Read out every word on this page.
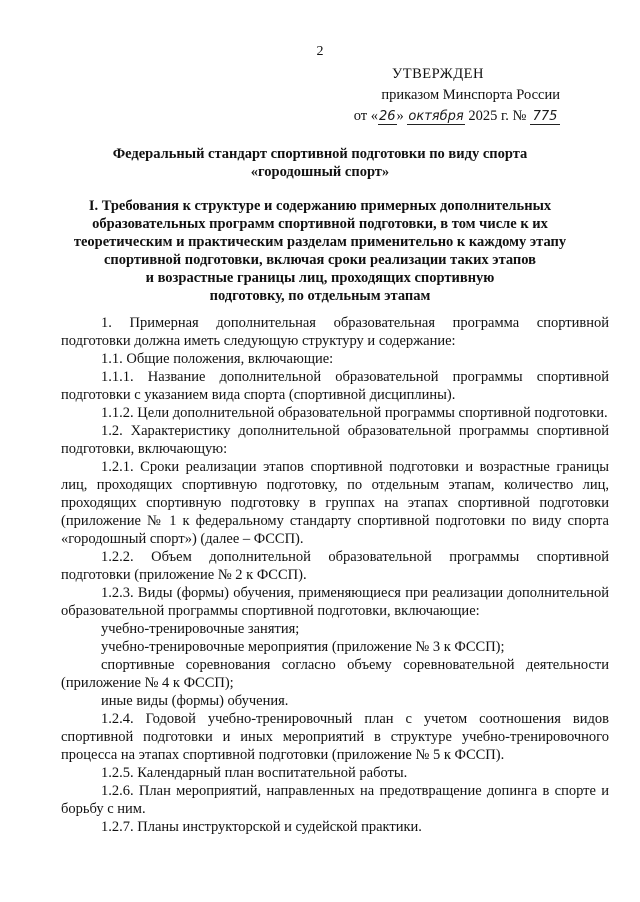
2
УТВЕРЖДЕН
приказом Минспорта России
от «26» октября 2025 г. № 775
Федеральный стандарт спортивной подготовки по виду спорта
«городошный спорт»
I. Требования к структуре и содержанию примерных дополнительных
образовательных программ спортивной подготовки, в том числе к их
теоретическим и практическим разделам применительно к каждому этапу
спортивной подготовки, включая сроки реализации таких этапов
и возрастные границы лиц, проходящих спортивную
подготовку, по отдельным этапам

1. Примерная дополнительная образовательная программа спортивной подготовки должна иметь следующую структуру и содержание:

1.1. Общие положения, включающие:

1.1.1. Название дополнительной образовательной программы спортивной подготовки с указанием вида спорта (спортивной дисциплины).

1.1.2. Цели дополнительной образовательной программы спортивной подготовки.

1.2. Характеристику дополнительной образовательной программы спортивной подготовки, включающую:

1.2.1. Сроки реализации этапов спортивной подготовки и возрастные границы лиц, проходящих спортивную подготовку, по отдельным этапам, количество лиц, проходящих спортивную подготовку в группах на этапах спортивной подготовки (приложение № 1 к федеральному стандарту спортивной подготовки по виду спорта «городошный спорт») (далее – ФССП).

1.2.2. Объем дополнительной образовательной программы спортивной подготовки (приложение № 2 к ФССП).

1.2.3. Виды (формы) обучения, применяющиеся при реализации дополнительной образовательной программы спортивной подготовки, включающие:

учебно-тренировочные занятия;

учебно-тренировочные мероприятия (приложение № 3 к ФССП);

спортивные соревнования согласно объему соревновательной деятельности (приложение № 4 к ФССП);

иные виды (формы) обучения.

1.2.4. Годовой учебно-тренировочный план с учетом соотношения видов спортивной подготовки и иных мероприятий в структуре учебно-тренировочного процесса на этапах спортивной подготовки (приложение № 5 к ФССП).

1.2.5. Календарный план воспитательной работы.

1.2.6. План мероприятий, направленных на предотвращение допинга в спорте и борьбу с ним.

1.2.7. Планы инструкторской и судейской практики.
